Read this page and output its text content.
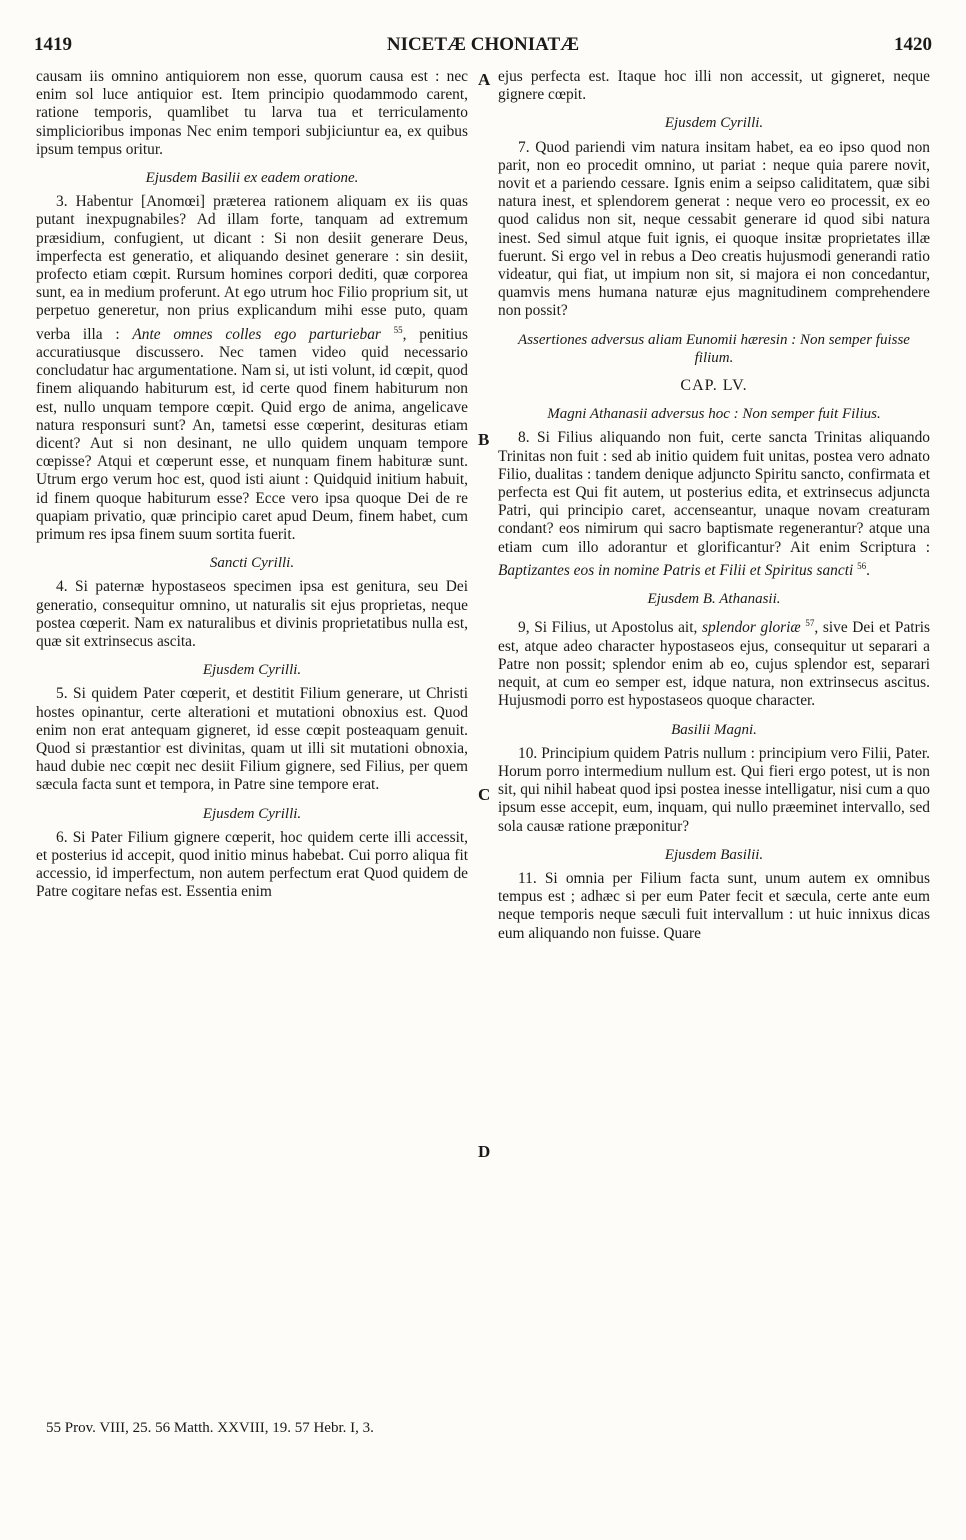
1419	NICETÆ CHONIATÆ	1420
A
B
C
D

causam iis omnino antiquiorem non esse, quorum causa est : nec enim sol luce antiquior est. Item principio quodammodo carent, ratione temporis, quamlibet tu larva tua et terriculamento simplicioribus imponas Nec enim tempori subjiciuntur ea, ex quibus ipsum tempus oritur.

Ejusdem Basilii ex eadem oratione.

3. Habentur [Anomœi] præterea rationem aliquam ex iis quas putant inexpugnabiles? Ad illam forte, tanquam ad extremum præsidium, confugient, ut dicant : Si non desiit generare Deus, imperfecta est generatio, et aliquando desinet generare : sin desiit, profecto etiam cœpit. Rursum homines corpori dediti, quæ corporea sunt, ea in medium proferunt. At ego utrum hoc Filio proprium sit, ut perpetuo generetur, non prius explicandum mihi esse puto, quam verba illa : Ante omnes colles ego parturiebar $^{55}$, penitius accuratiusque discussero. Nec tamen video quid necessario concludatur hac argumentatione. Nam si, ut isti volunt, id cœpit, quod finem aliquando habiturum est, id certe quod finem habiturum non est, nullo unquam tempore cœpit. Quid ergo de anima, angelicave natura responsuri sunt? An, tametsi esse cœperint, desituras etiam dicent? Aut si non desinant, ne ullo quidem unquam tempore cœpisse? Atqui et cœperunt esse, et nunquam finem habituræ sunt. Utrum ergo verum hoc est, quod isti aiunt : Quidquid initium habuit, id finem quoque habiturum esse? Ecce vero ipsa quoque Dei de re quapiam privatio, quæ principio caret apud Deum, finem habet, cum primum res ipsa finem suum sortita fuerit.

Sancti Cyrilli.

4. Si paternæ hypostaseos specimen ipsa est genitura, seu Dei generatio, consequitur omnino, ut naturalis sit ejus proprietas, neque postea cœperit. Nam ex naturalibus et divinis proprietatibus nulla est, quæ sit extrinsecus ascita.

Ejusdem Cyrilli.

5. Si quidem Pater cœperit, et destitit Filium generare, ut Christi hostes opinantur, certe alterationi et mutationi obnoxius est. Quod enim non erat antequam gigneret, id esse cœpit posteaquam genuit. Quod si præstantior est divinitas, quam ut illi sit mutationi obnoxia, haud dubie nec cœpit nec desiit Filium gignere, sed Filius, per quem sæcula facta sunt et tempora, in Patre sine tempore erat.

Ejusdem Cyrilli.

6. Si Pater Filium gignere cœperit, hoc quidem certe illi accessit, et posterius id accepit, quod initio minus habebat. Cui porro aliqua fit accessio, id imperfectum, non autem perfectum erat Quod quidem de Patre cogitare nefas est. Essentia enim

ejus perfecta est. Itaque hoc illi non accessit, ut gigneret, neque gignere cœpit.

Ejusdem Cyrilli.

7. Quod pariendi vim natura insitam habet, ea eo ipso quod non parit, non eo procedit omnino, ut pariat : neque quia parere novit, novit et a pariendo cessare. Ignis enim a seipso caliditatem, quæ sibi natura inest, et splendorem generat : neque vero eo processit, ex eo quod calidus non sit, neque cessabit generare id quod sibi natura inest. Sed simul atque fuit ignis, ei quoque insitæ proprietates illæ fuerunt. Si ergo vel in rebus a Deo creatis hujusmodi generandi ratio videatur, qui fiat, ut impium non sit, si majora ei non concedantur, quamvis mens humana naturæ ejus magnitudinem comprehendere non possit?

Assertiones adversus aliam Eunomii hæresin : Non semper fuisse filium.
CAP. LV.
Magni Athanasii adversus hoc : Non semper fuit Filius.

8. Si Filius aliquando non fuit, certe sancta Trinitas aliquando Trinitas non fuit : sed ab initio quidem fuit unitas, postea vero adnato Filio, dualitas : tandem denique adjuncto Spiritu sancto, confirmata et perfecta est Qui fit autem, ut posterius edita, et extrinsecus adjuncta Patri, qui principio caret, accenseantur, unaque novam creaturam condant? eos nimirum qui sacro baptismate regenerantur? atque una etiam cum illo adorantur et glorificantur? Ait enim Scriptura : Baptizantes eos in nomine Patris et Filii et Spiritus sancti $^{56}$.

Ejusdem B. Athanasii.

9, Si Filius, ut Apostolus ait, splendor gloriæ $^{57}$, sive Dei et Patris est, atque adeo character hypostaseos ejus, consequitur ut separari a Patre non possit; splendor enim ab eo, cujus splendor est, separari nequit, at cum eo semper est, idque natura, non extrinsecus ascitus. Hujusmodi porro est hypostaseos quoque character.

Basilii Magni.

10. Principium quidem Patris nullum : principium vero Filii, Pater. Horum porro intermedium nullum est. Qui fieri ergo potest, ut is non sit, qui nihil habeat quod ipsi postea inesse intelligatur, nisi cum a quo ipsum esse accepit, eum, inquam, qui nullo præeminet intervallo, sed sola causæ ratione præponitur?

Ejusdem Basilii.

11. Si omnia per Filium facta sunt, unum autem ex omnibus tempus est ; adhæc si per eum Pater fecit et sæcula, certe ante eum neque temporis neque sæculi fuit intervallum : ut huic innixus dicas eum aliquando non fuisse. Quare

55 Prov. VIII, 25. 56 Matth. XXVIII, 19. 57 Hebr. I, 3.
